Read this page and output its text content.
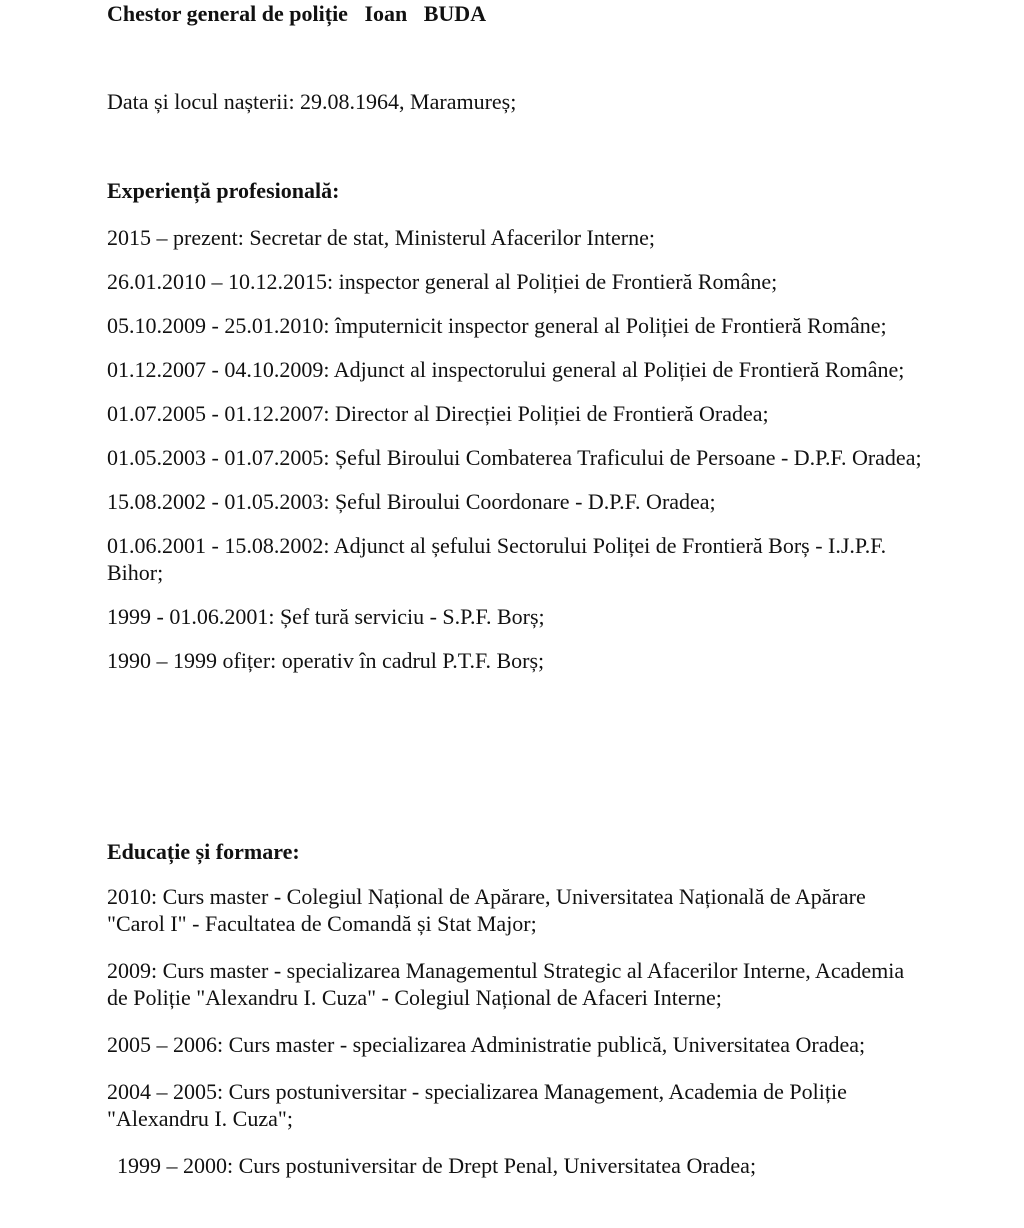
Chestor general de poliție   Ioan   BUDA
Data și locul nașterii: 29.08.1964, Maramureș;

Experiență profesională:

2015 – prezent: Secretar de stat, Ministerul Afacerilor Interne;

26.01.2010 – 10.12.2015: inspector general al Poliției de Frontieră Române;

05.10.2009 - 25.01.2010: împuternicit inspector general al Poliției de Frontieră Române;

01.12.2007 - 04.10.2009: Adjunct al inspectorului general al Poliției de Frontieră Române;

01.07.2005 - 01.12.2007: Director al Direcției Poliției de Frontieră Oradea;

01.05.2003 - 01.07.2005: Șeful Biroului Combaterea Traficului de Persoane - D.P.F. Oradea;

15.08.2002 - 01.05.2003: Șeful Biroului Coordonare - D.P.F. Oradea;

01.06.2001 - 15.08.2002: Adjunct al șefului Sectorului Poliței de Frontieră Borș - I.J.P.F. Bihor;

1999 - 01.06.2001: Șef tură serviciu - S.P.F. Borș;

1990 – 1999 ofițer: operativ în cadrul P.T.F. Borș;

Educație și formare:

2010: Curs master - Colegiul Național de Apărare, Universitatea Națională de Apărare "Carol I" - Facultatea de Comandă și Stat Major;

2009: Curs master - specializarea Managementul Strategic al Afacerilor Interne, Academia de Poliție "Alexandru I. Cuza" - Colegiul Național de Afaceri Interne;

2005 – 2006: Curs master - specializarea Administratie publică, Universitatea Oradea;

2004 – 2005: Curs postuniversitar - specializarea Management, Academia de Poliție "Alexandru I. Cuza";

1999 – 2000: Curs postuniversitar de Drept Penal, Universitatea Oradea;
